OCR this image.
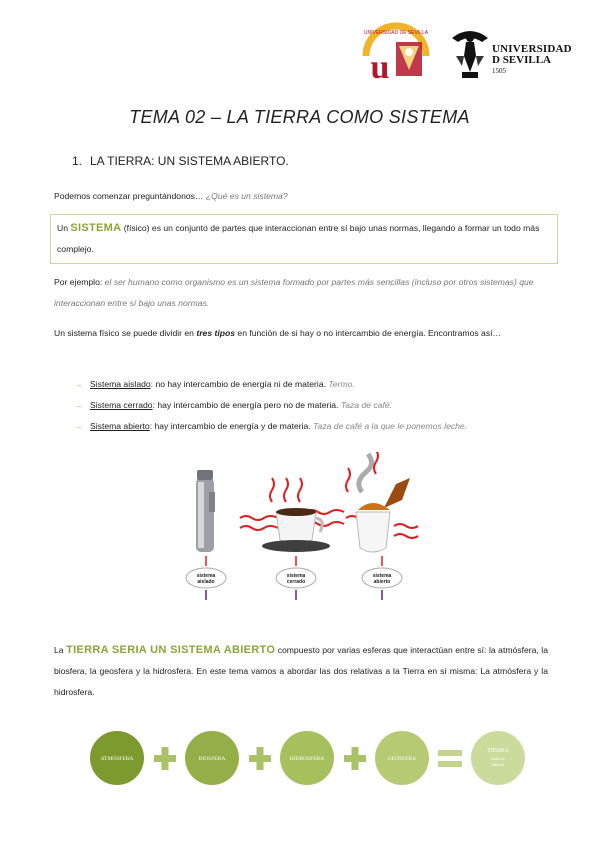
UNIVERSIDAD DE SEVILLA
u	UNIVERSIDAD
D SEVILLA
1505
TEMA 02 – LA TIERRA COMO SISTEMA
1. LA TIERRA: UN SISTEMA ABIERTO.
Podemos comenzar preguntándonos… ¿Qué es un sistema?
Un SISTEMA (físico) es un conjunto de partes que interaccionan entre sí bajo unas normas, llegando a formar un todo más complejo.
Por ejemplo: el ser humano como organismo es un sistema formado por partes más sencillas (incluso por otros sistemas) que interaccionan entre sí bajo unas normas.
Un sistema físico se puede dividir en tres tipos en función de si hay o no intercambio de energía. Encontramos así…
→ Sistema aislado: no hay intercambio de energía ni de materia. Termo.
→ Sistema cerrado: hay intercambio de energía pero no de materia. Taza de café.
→ Sistema abierto: hay intercambio de energía y de materia. Taza de café a la que le ponemos leche.
sistema
aislado
sistema
cerrado
sistema
abierto
La TIERRA SERIA UN SISTEMA ABIERTO compuesto por varias esferas que interactúan entre sí: la atmósfera, la biosfera, la geosfera y la hidrosfera. En este tema vamos a abordar las dos relativas a la Tierra en sí misma: La atmósfera y la hidrosfera.
ATMÓSFERA	BIOSFERA	HIDROSFERA	GEOSFERA
TIERRA
sistema
abierto
